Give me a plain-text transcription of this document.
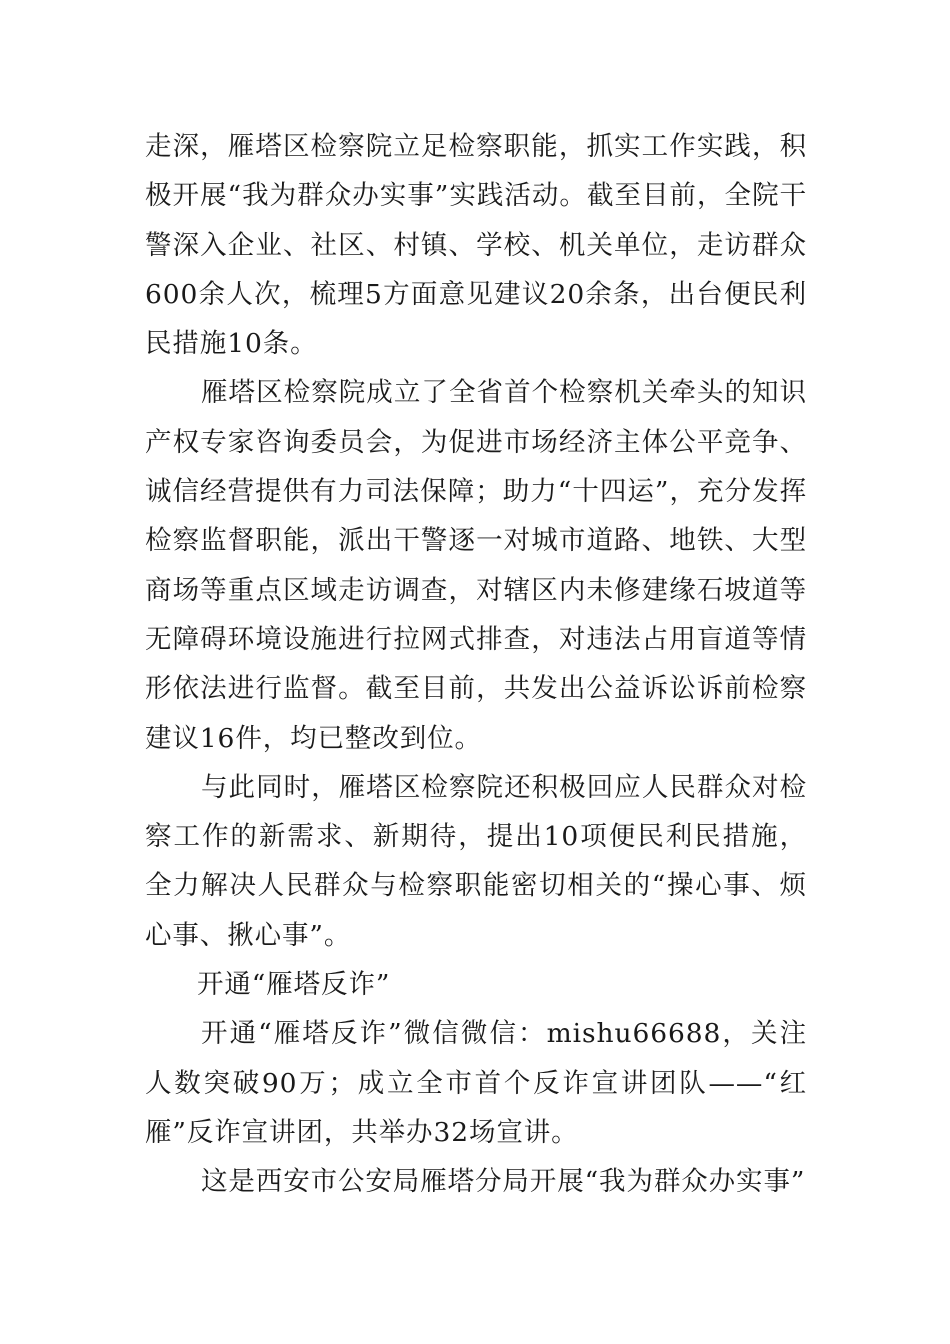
走深，雁塔区检察院立足检察职能，抓实工作实践，积极开展“我为群众办实事”实践活动。截至目前，全院干警深入企业、社区、村镇、学校、机关单位，走访群众600余人次，梳理5方面意见建议20余条，出台便民利民措施10条。

雁塔区检察院成立了全省首个检察机关牵头的知识产权专家咨询委员会，为促进市场经济主体公平竞争、诚信经营提供有力司法保障；助力“十四运”，充分发挥检察监督职能，派出干警逐一对城市道路、地铁、大型商场等重点区域走访调查，对辖区内未修建缘石坡道等无障碍环境设施进行拉网式排查，对违法占用盲道等情形依法进行监督。截至目前，共发出公益诉讼诉前检察建议16件，均已整改到位。

与此同时，雁塔区检察院还积极回应人民群众对检察工作的新需求、新期待，提出10项便民利民措施，全力解决人民群众与检察职能密切相关的“操心事、烦心事、揪心事”。

开通“雁塔反诈”

开通“雁塔反诈”微信微信：mishu66688，关注人数突破90万；成立全市首个反诈宣讲团队——“红雁”反诈宣讲团，共举办32场宣讲。

这是西安市公安局雁塔分局开展“我为群众办实事”
